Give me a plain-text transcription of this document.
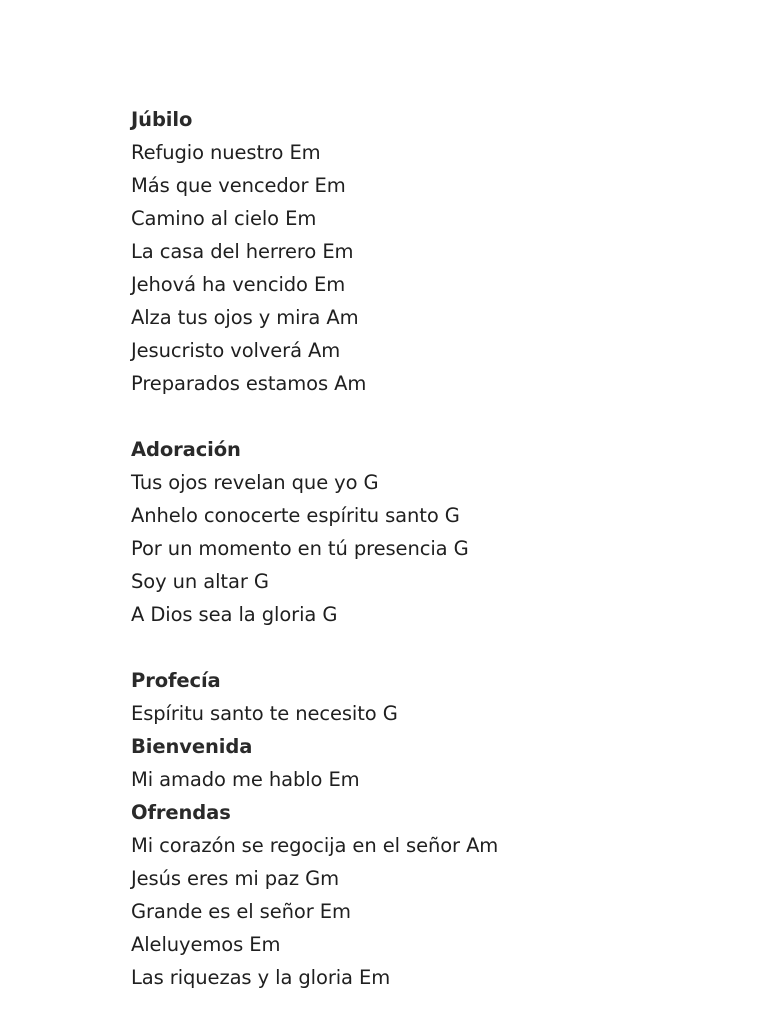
Júbilo
Refugio nuestro Em
Más que vencedor Em
Camino al cielo Em
La casa del herrero Em
Jehová ha vencido Em
Alza tus ojos y mira Am
Jesucristo volverá Am
Preparados estamos Am
Adoración
Tus ojos revelan que yo G
Anhelo conocerte espíritu santo G
Por un momento en tú presencia G
Soy un altar G
A Dios sea la gloria G
Profecía
Espíritu santo te necesito G
Bienvenida
Mi amado me hablo Em
Ofrendas
Mi corazón se regocija en el señor Am
Jesús eres mi paz Gm
Grande es el señor Em
Aleluyemos Em
Las riquezas y la gloria Em
